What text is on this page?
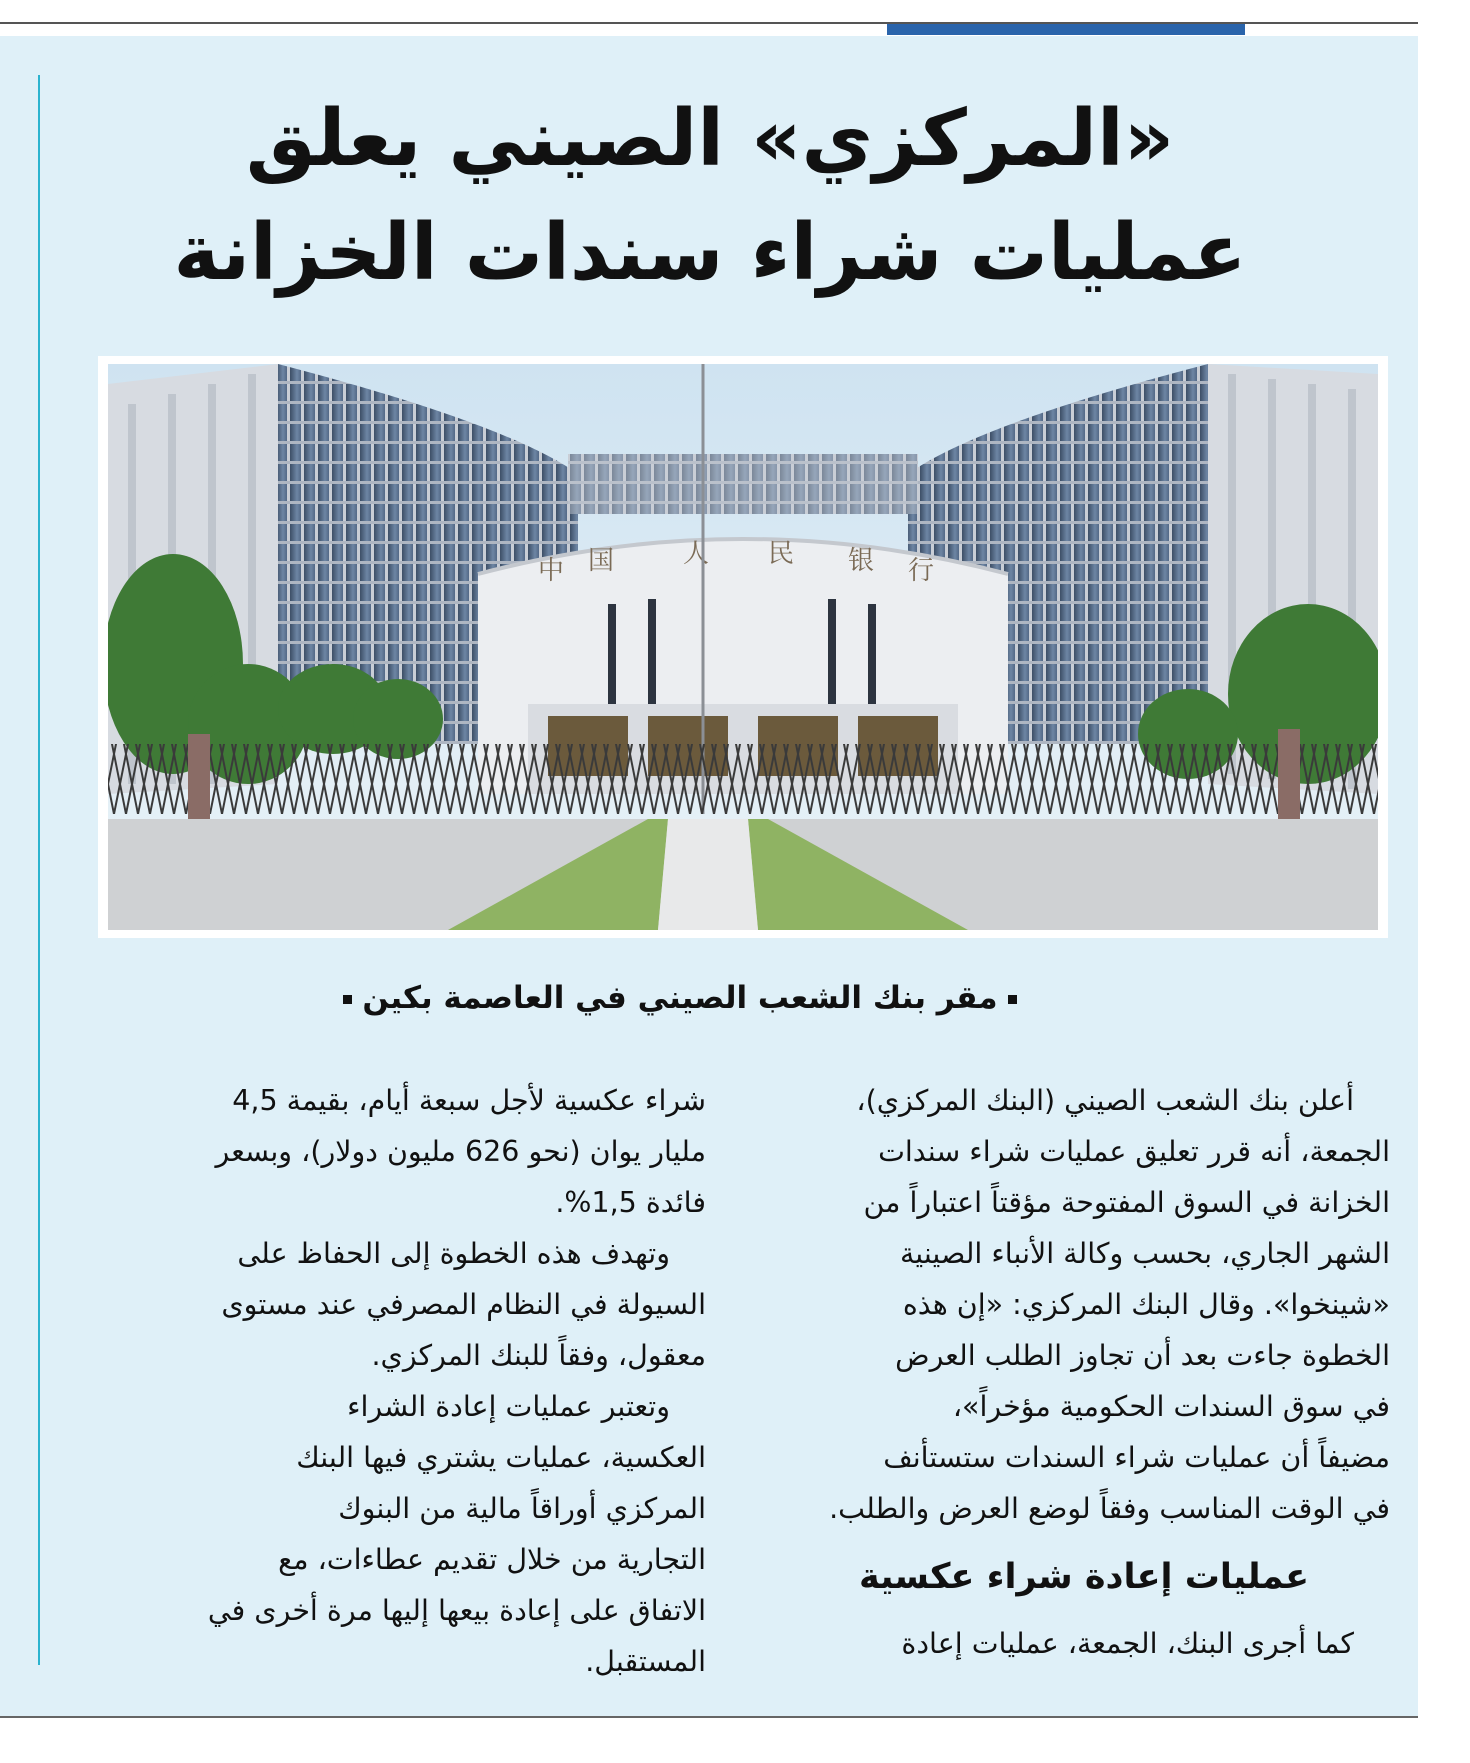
«المركزي» الصيني يعلق
عمليات شراء سندات الخزانة
中 国	人 民 银 行
مقر بنك الشعب الصيني في العاصمة بكين
أعلن بنك الشعب الصيني (البنك المركزي)،
الجمعة، أنه قرر تعليق عمليات شراء سندات
الخزانة في السوق المفتوحة مؤقتاً اعتباراً من
الشهر الجاري، بحسب وكالة الأنباء الصينية
«شينخوا». وقال البنك المركزي: «إن هذه
الخطوة جاءت بعد أن تجاوز الطلب العرض
في سوق السندات الحكومية مؤخراً»،
مضيفاً أن عمليات شراء السندات ستستأنف
في الوقت المناسب وفقاً لوضع العرض والطلب.
عمليات إعادة شراء عكسية
كما أجرى البنك، الجمعة، عمليات إعادة
شراء عكسية لأجل سبعة أيام، بقيمة 4,5
مليار يوان (نحو 626 مليون دولار)، وبسعر
فائدة 1,5%.
وتهدف هذه الخطوة إلى الحفاظ على
السيولة في النظام المصرفي عند مستوى
معقول، وفقاً للبنك المركزي.
وتعتبر عمليات إعادة الشراء
العكسية، عمليات يشتري فيها البنك
المركزي أوراقاً مالية من البنوك
التجارية من خلال تقديم عطاءات، مع
الاتفاق على إعادة بيعها إليها مرة أخرى في
المستقبل.
